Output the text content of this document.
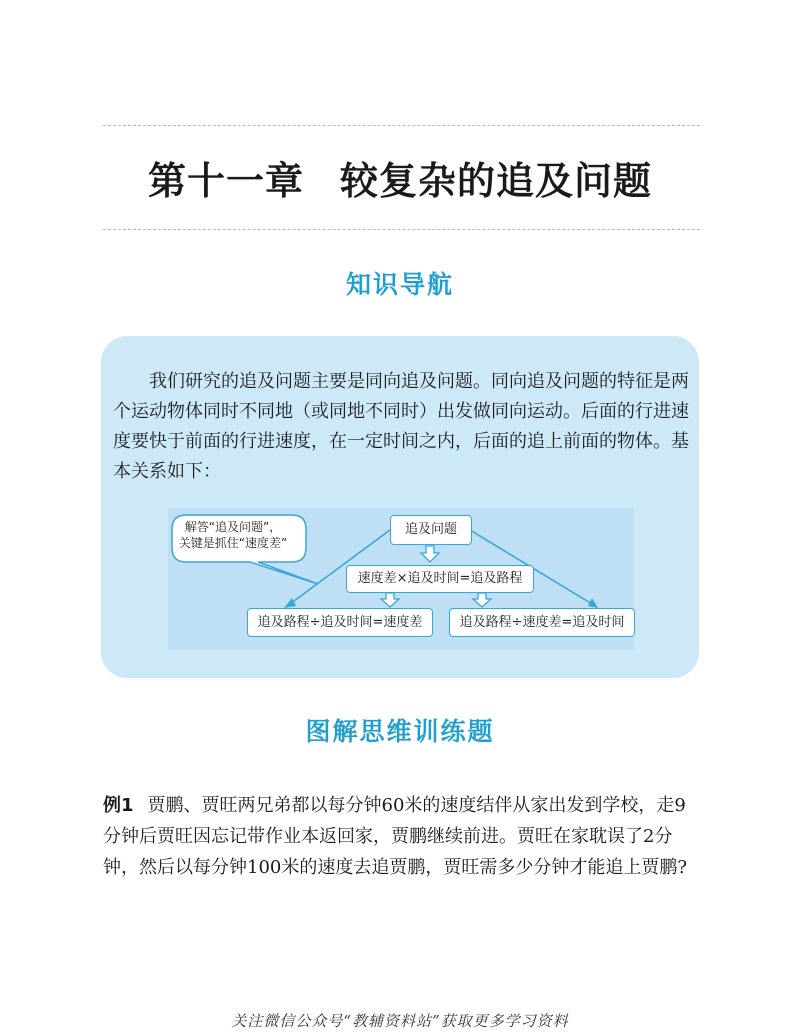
第十一章 较复杂的追及问题
知识导航

我们研究的追及问题主要是同向追及问题。同向追及问题的特征是两个运动物体同时不同地（或同地不同时）出发做同向运动。后面的行进速度要快于前面的行进速度，在一定时间之内，后面的追上前面的物体。基本关系如下：

解答“追及问题”，
关键是抓住“速度差”
追及问题
速度差×追及时间=追及路程
追及路程÷追及时间=速度差	追及路程÷速度差=追及时间
图解思维训练题

例1 贾鹏、贾旺两兄弟都以每分钟60米的速度结伴从家出发到学校，走9分钟后贾旺因忘记带作业本返回家，贾鹏继续前进。贾旺在家耽误了2分钟，然后以每分钟100米的速度去追贾鹏，贾旺需多少分钟才能追上贾鹏?

关注微信公众号“教辅资料站”获取更多学习资料
